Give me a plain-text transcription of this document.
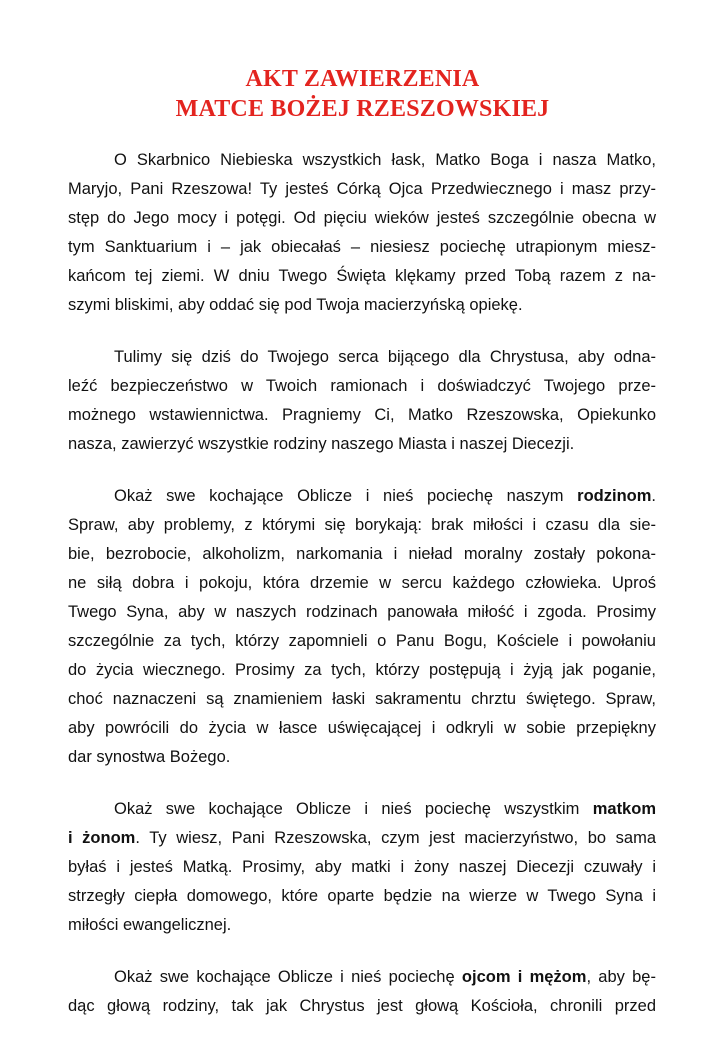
AKT ZAWIERZENIA
MATCE BOŻEJ RZESZOWSKIEJ
O Skarbnico Niebieska wszystkich łask, Matko Boga i nasza Matko,
Maryjo, Pani Rzeszowa! Ty jesteś Córką Ojca Przedwiecznego i masz przy-
stęp do Jego mocy i potęgi. Od pięciu wieków jesteś szczególnie obecna w
tym Sanktuarium i – jak obiecałaś – niesiesz pociechę utrapionym miesz-
kańcom tej ziemi. W dniu Twego Święta klękamy przed Tobą razem z na-
szymi bliskimi, aby oddać się pod Twoja macierzyńską opiekę.
Tulimy się dziś do Twojego serca bijącego dla Chrystusa, aby odna-
leźć bezpieczeństwo w Twoich ramionach i doświadczyć Twojego prze-
możnego wstawiennictwa. Pragniemy Ci, Matko Rzeszowska, Opiekunko
nasza, zawierzyć wszystkie rodziny naszego Miasta i naszej Diecezji.
Okaż swe kochające Oblicze i nieś pociechę naszym rodzinom.
Spraw, aby problemy, z którymi się borykają: brak miłości i czasu dla sie-
bie, bezrobocie, alkoholizm, narkomania i nieład moralny zostały pokona-
ne siłą dobra i pokoju, która drzemie w sercu każdego człowieka. Uproś
Twego Syna, aby w naszych rodzinach panowała miłość i zgoda. Prosimy
szczególnie za tych, którzy zapomnieli o Panu Bogu, Kościele i powołaniu
do życia wiecznego. Prosimy za tych, którzy postępują i żyją jak poganie,
choć naznaczeni są znamieniem łaski sakramentu chrztu świętego. Spraw,
aby powrócili do życia w łasce uświęcającej i odkryli w sobie przepiękny
dar synostwa Bożego.
Okaż swe kochające Oblicze i nieś pociechę wszystkim matkom
i żonom. Ty wiesz, Pani Rzeszowska, czym jest macierzyństwo, bo sama
byłaś i jesteś Matką. Prosimy, aby matki i żony naszej Diecezji czuwały i
strzegły ciepła domowego, które oparte będzie na wierze w Twego Syna i
miłości ewangelicznej.
Okaż swe kochające Oblicze i nieś pociechę ojcom i mężom, aby bę-
dąc głową rodziny, tak jak Chrystus jest głową Kościoła, chronili przed
